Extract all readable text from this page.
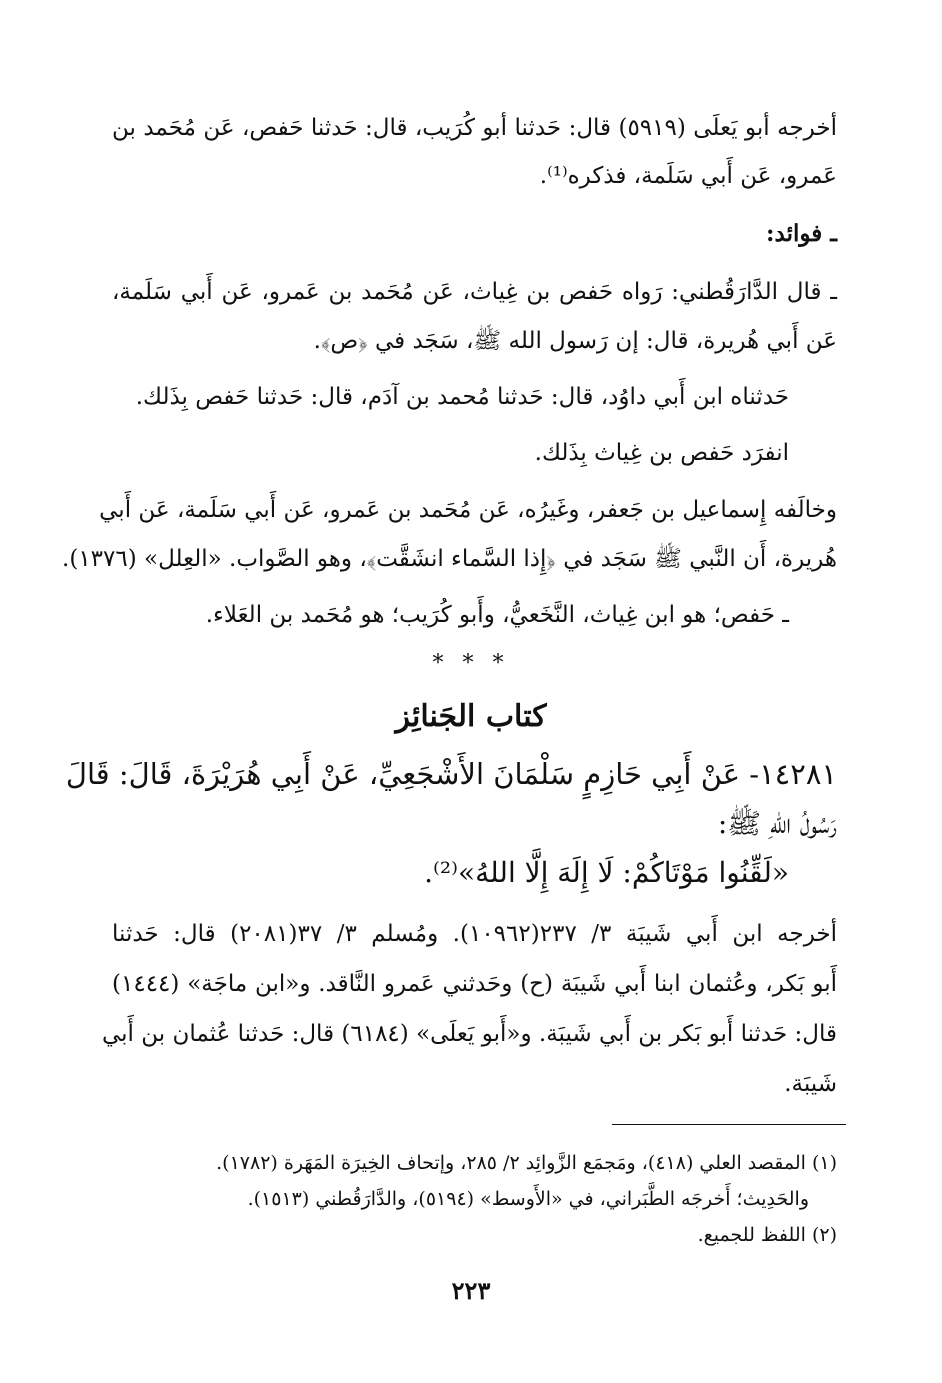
أخرجه أبو يَعلَى (٥٩١٩) قال: حَدثنا أبو كُرَيب، قال: حَدثنا حَفص، عَن مُحَمد بن
عَمرو، عَن أَبي سَلَمة، فذكره⁽¹⁾.
ـ فوائد:
ـ قال الدَّارَقُطني: رَواه حَفص بن غِياث، عَن مُحَمد بن عَمرو، عَن أَبي سَلَمة،
عَن أَبي هُريرة، قال: إن رَسول الله ﷺ، سَجَد في ﴿ص﴾.
حَدثناه ابن أَبي داوُد، قال: حَدثنا مُحمد بن آدَم، قال: حَدثنا حَفص بِذَلك.
انفرَد حَفص بن غِياث بِذَلك.
وخالَفه إِسماعيل بن جَعفر، وغَيرُه، عَن مُحَمد بن عَمرو، عَن أَبي سَلَمة، عَن أَبي
هُريرة، أَن النَّبي ﷺ سَجَد في ﴿إِذا السَّماء انشَقَّت﴾، وهو الصَّواب. «العِلل» (١٣٧٦).
ـ حَفص؛ هو ابن غِياث، النَّخَعيُّ، وأَبو كُرَيب؛ هو مُحَمد بن العَلاء.
* * *
كتاب الجَنائِز
١٤٢٨١- عَنْ أَبِي حَازِمٍ سَلْمَانَ الأَشْجَعِيِّ، عَنْ أَبِي هُرَيْرَةَ، قَالَ: قَالَ
رَسُولُ اللهِ ﷺ:
«لَقِّنُوا مَوْتَاكُمْ: لَا إِلَهَ إِلَّا اللهُ»⁽²⁾.
أخرجه ابن أَبي شَيبَة ٣/ ٢٣٧(١٠٩٦٢). ومُسلم ٣/ ٣٧(٢٠٨١) قال: حَدثنا
أَبو بَكر، وعُثمان ابنا أَبي شَيبَة (ح) وحَدثني عَمرو النَّاقد. و«ابن ماجَة» (١٤٤٤)
قال: حَدثنا أَبو بَكر بن أَبي شَيبَة. و«أَبو يَعلَى» (٦١٨٤) قال: حَدثنا عُثمان بن أَبي
شَيبَة.
(١) المقصد العلي (٤١٨)، ومَجمَع الزَّوائِد ٢/ ٢٨٥، وإتحاف الخِيرَة المَهَرة (١٧٨٢).
والحَدِيث؛ أَخرجَه الطَّبَراني، في «الأَوسط» (٥١٩٤)، والدَّارَقُطني (١٥١٣).
(٢) اللفظ للجميع.
٢٢٣
